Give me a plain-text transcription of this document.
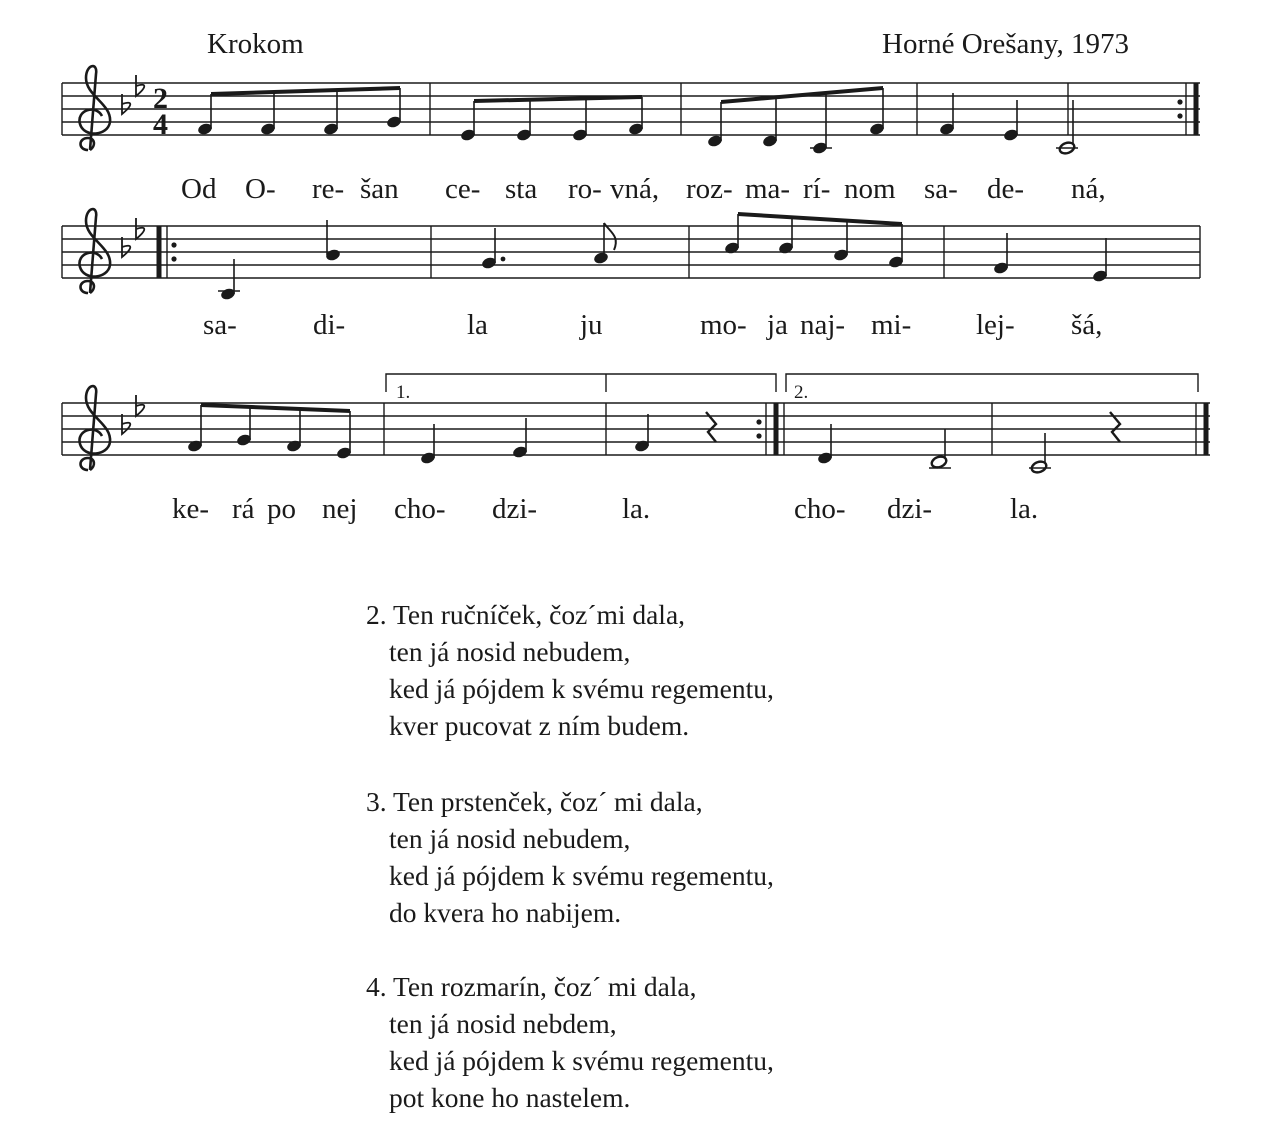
Krokom	Horné Orešany, 1973
2
4
1.	2.
Od O- re- šan ce- sta ro- vná, roz- ma- rí- nom sa- de- ná,
sa-	di-	la	ju	mo- ja naj- mi- lej- šá,
ke- rá po nej cho- dzi-	la.	cho- dzi-	la.
2. Ten ručníček, čoz´mi dala,
ten já nosid nebudem,
ked já pójdem k svému regementu,
kver pucovat z ním budem.
3. Ten prstenček, čoz´ mi dala,
ten já nosid nebudem,
ked já pójdem k svému regementu,
do kvera ho nabijem.
4. Ten rozmarín, čoz´ mi dala,
ten já nosid nebdem,
ked já pójdem k svému regementu,
pot kone ho nastelem.
